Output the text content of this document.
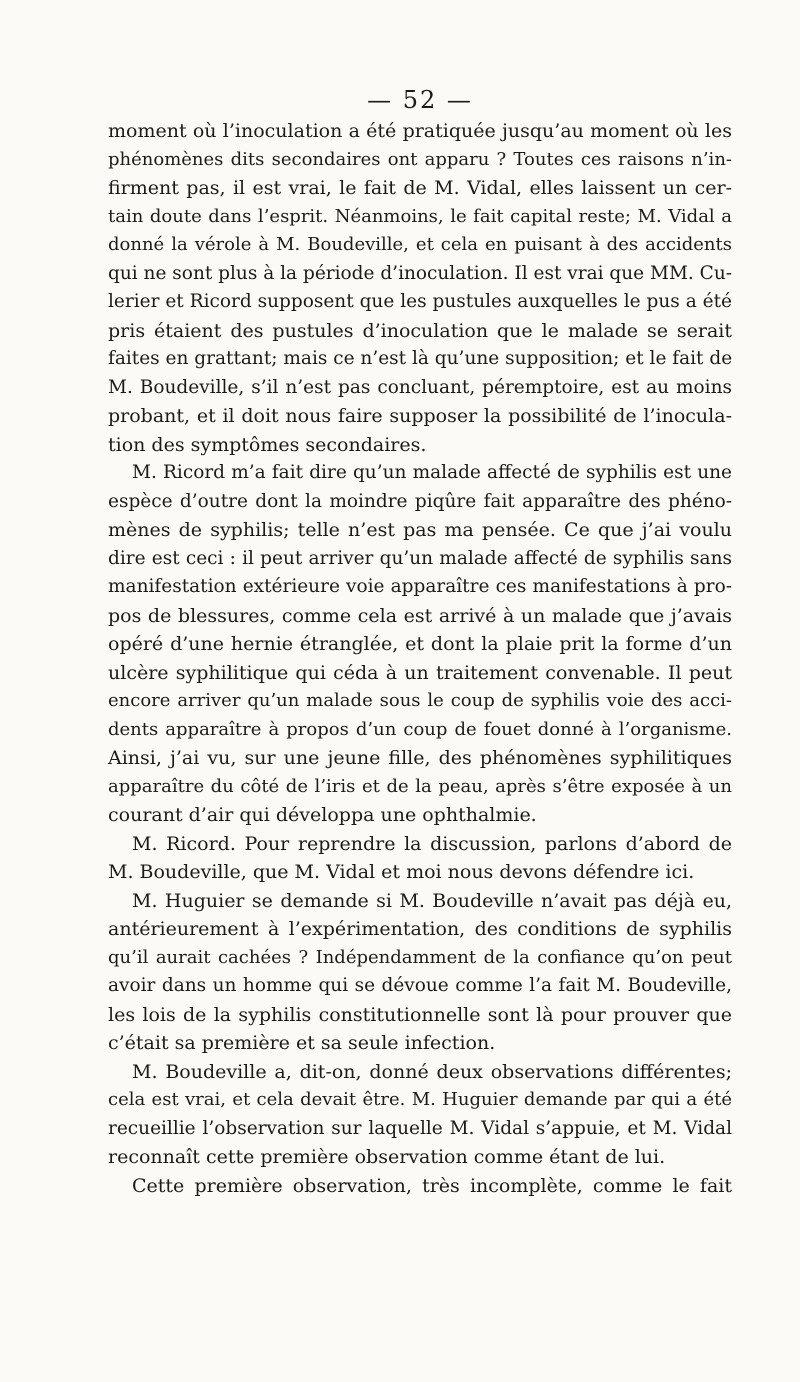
— 52 —
moment où l’inoculation a été pratiquée jusqu’au moment où les
phénomènes dits secondaires ont apparu ? Toutes ces raisons n’in-
firment pas, il est vrai, le fait de M. Vidal, elles laissent un cer-
tain doute dans l’esprit. Néanmoins, le fait capital reste; M. Vidal a
donné la vérole à M. Boudeville, et cela en puisant à des accidents
qui ne sont plus à la période d’inoculation. Il est vrai que MM. Cu-
lerier et Ricord supposent que les pustules auxquelles le pus a été
pris étaient des pustules d’inoculation que le malade se serait
faites en grattant; mais ce n’est là qu’une supposition; et le fait de
M. Boudeville, s’il n’est pas concluant, péremptoire, est au moins
probant, et il doit nous faire supposer la possibilité de l’inocula-
tion des symptômes secondaires.
M. Ricord m’a fait dire qu’un malade affecté de syphilis est une
espèce d’outre dont la moindre piqûre fait apparaître des phéno-
mènes de syphilis; telle n’est pas ma pensée. Ce que j’ai voulu
dire est ceci : il peut arriver qu’un malade affecté de syphilis sans
manifestation extérieure voie apparaître ces manifestations à pro-
pos de blessures, comme cela est arrivé à un malade que j’avais
opéré d’une hernie étranglée, et dont la plaie prit la forme d’un
ulcère syphilitique qui céda à un traitement convenable. Il peut
encore arriver qu’un malade sous le coup de syphilis voie des acci-
dents apparaître à propos d’un coup de fouet donné à l’organisme.
Ainsi, j’ai vu, sur une jeune fille, des phénomènes syphilitiques
apparaître du côté de l’iris et de la peau, après s’être exposée à un
courant d’air qui développa une ophthalmie.
M. Ricord. Pour reprendre la discussion, parlons d’abord de
M. Boudeville, que M. Vidal et moi nous devons défendre ici.
M. Huguier se demande si M. Boudeville n’avait pas déjà eu,
antérieurement à l’expérimentation, des conditions de syphilis
qu’il aurait cachées ? Indépendamment de la confiance qu’on peut
avoir dans un homme qui se dévoue comme l’a fait M. Boudeville,
les lois de la syphilis constitutionnelle sont là pour prouver que
c’était sa première et sa seule infection.
M. Boudeville a, dit-on, donné deux observations différentes;
cela est vrai, et cela devait être. M. Huguier demande par qui a été
recueillie l’observation sur laquelle M. Vidal s’appuie, et M. Vidal
reconnaît cette première observation comme étant de lui.
Cette première observation, très incomplète, comme le fait
